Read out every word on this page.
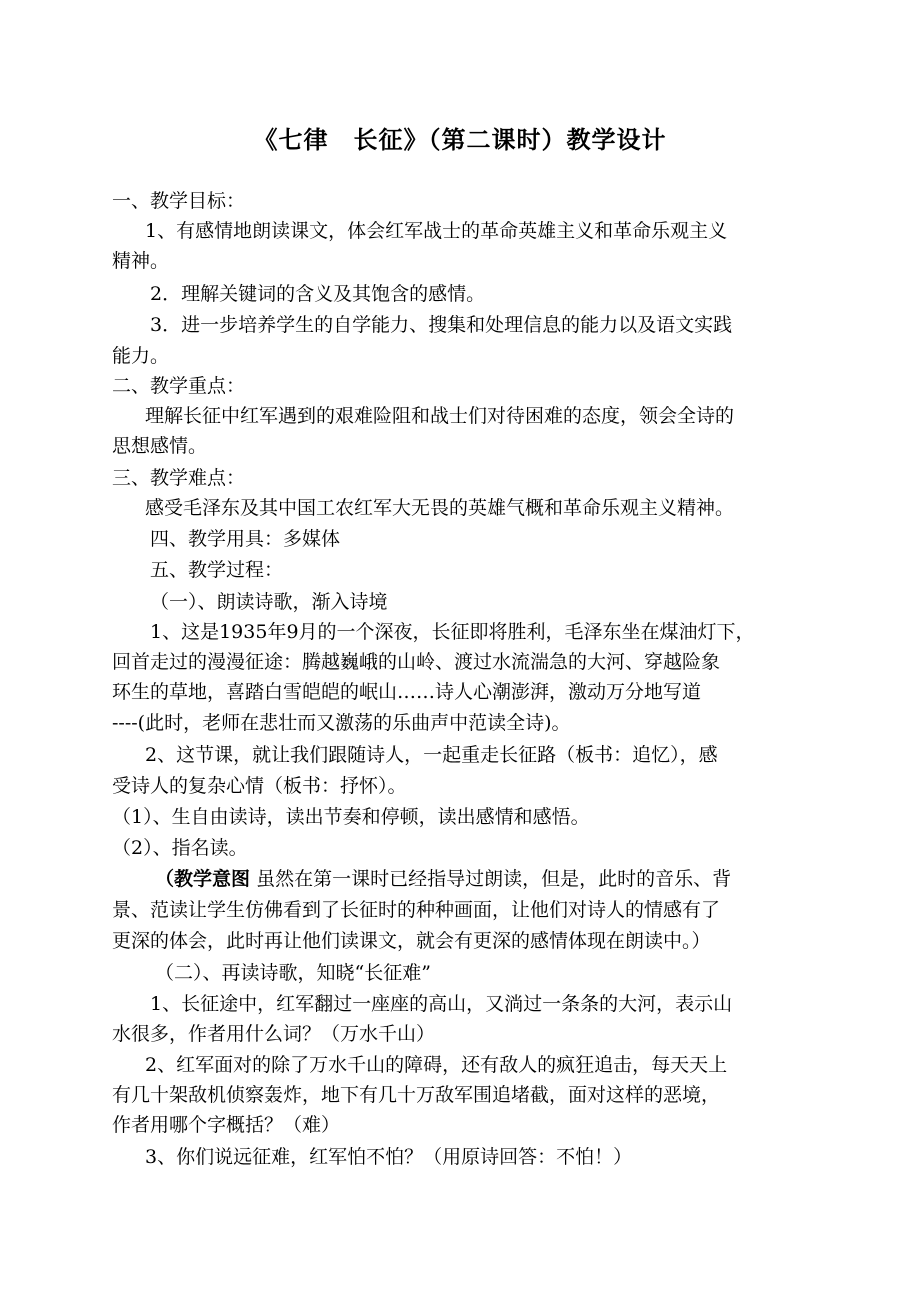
《七律　长征》（第二课时）教学设计
一、教学目标：
1、有感情地朗读课文，体会红军战士的革命英雄主义和革命乐观主义
精神。
2．理解关键词的含义及其饱含的感情。
3．进一步培养学生的自学能力、搜集和处理信息的能力以及语文实践
能力。
二、教学重点：
理解长征中红军遇到的艰难险阻和战士们对待困难的态度，领会全诗的
思想感情。
三、教学难点：
感受毛泽东及其中国工农红军大无畏的英雄气概和革命乐观主义精神。
四、教学用具：多媒体
五、教学过程：
（一）、朗读诗歌，渐入诗境
1、这是1935年9月的一个深夜，长征即将胜利，毛泽东坐在煤油灯下，
回首走过的漫漫征途：腾越巍峨的山岭、渡过水流湍急的大河、穿越险象
环生的草地，喜踏白雪皑皑的岷山……诗人心潮澎湃，激动万分地写道
----(此时，老师在悲壮而又激荡的乐曲声中范读全诗)。
2、这节课，就让我们跟随诗人，一起重走长征路（板书：追忆），感
受诗人的复杂心情（板书：抒怀）。
（1）、生自由读诗，读出节奏和停顿，读出感情和感悟。
（2）、指名读。
（教学意图 虽然在第一课时已经指导过朗读，但是，此时的音乐、背
景、范读让学生仿佛看到了长征时的种种画面，让他们对诗人的情感有了
更深的体会，此时再让他们读课文，就会有更深的感情体现在朗读中。）
（二）、再读诗歌，知晓“长征难”
1、长征途中，红军翻过一座座的高山，又淌过一条条的大河，表示山
水很多，作者用什么词？（万水千山）
2、红军面对的除了万水千山的障碍，还有敌人的疯狂追击，每天天上
有几十架敌机侦察轰炸，地下有几十万敌军围追堵截，面对这样的恶境，
作者用哪个字概括？（难）
3、你们说远征难，红军怕不怕？（用原诗回答：不怕！）
